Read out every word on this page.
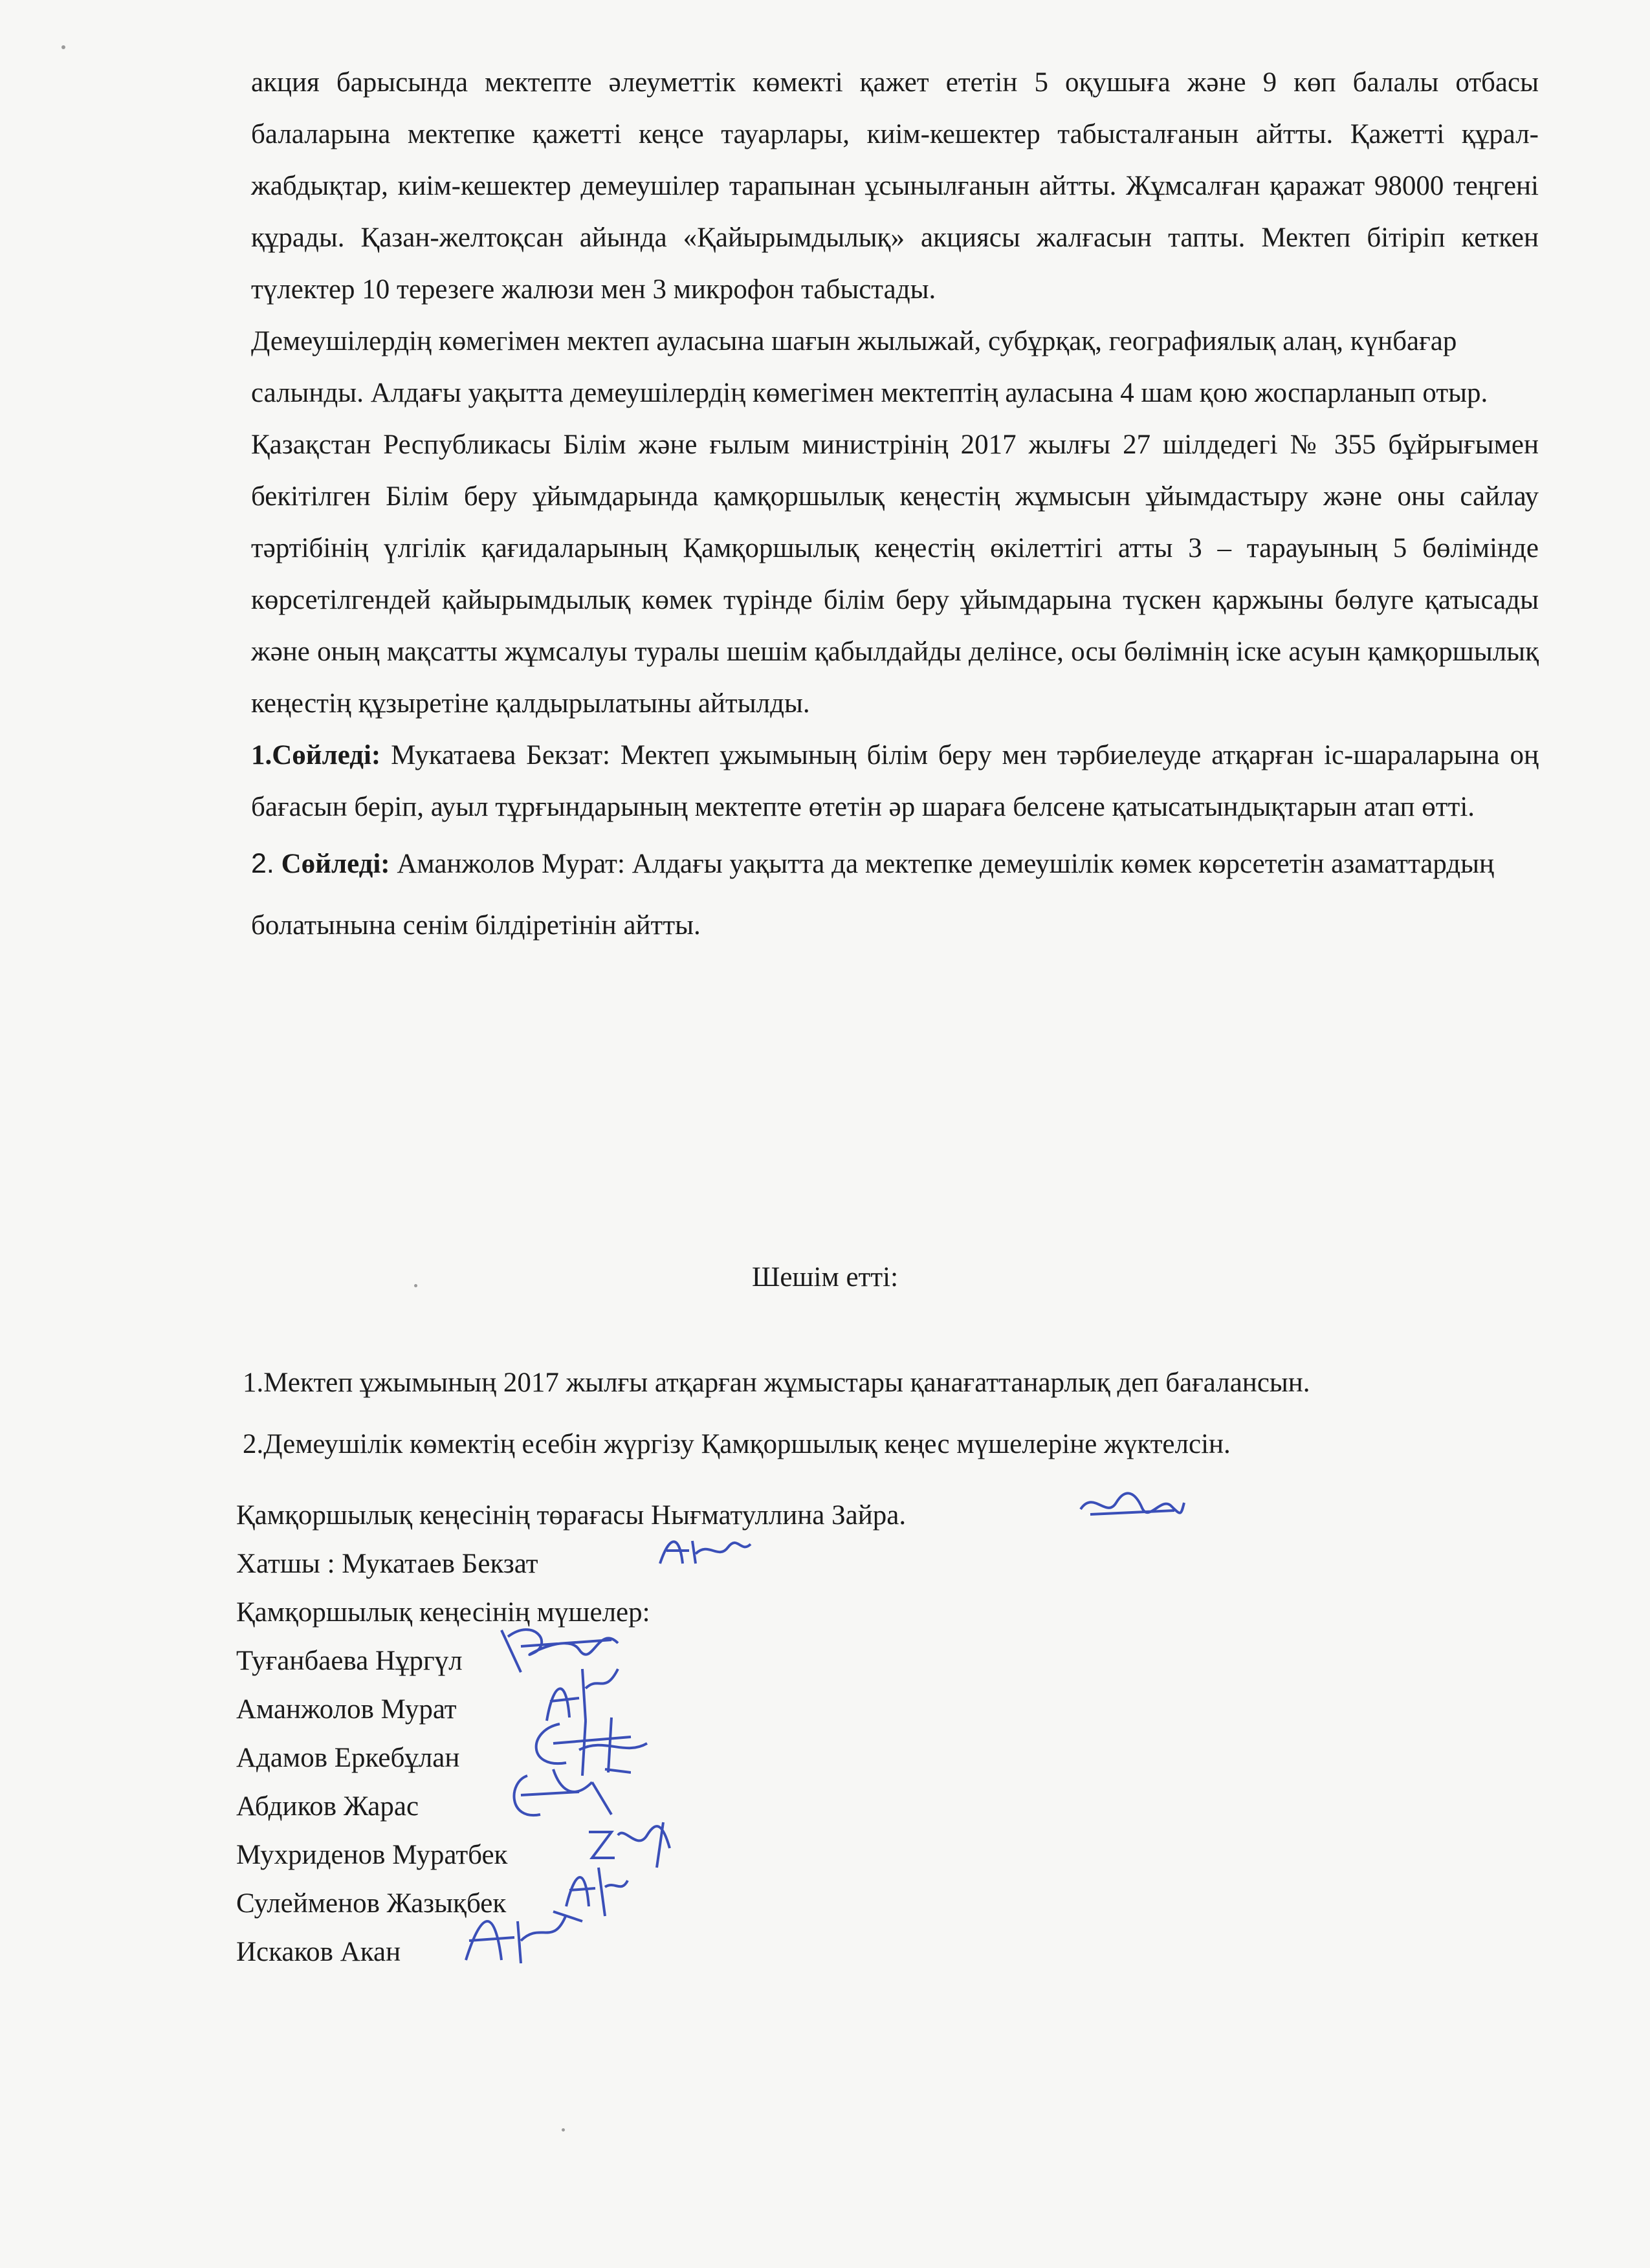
акция барысында мектепте әлеуметтік көмекті қажет ететін 5 оқушыға және 9 көп балалы отбасы балаларына мектепке қажетті кеңсе тауарлары, киім-кешектер табысталғанын айтты. Қажетті құрал-жабдықтар, киім-кешектер демеушілер тарапынан ұсынылғанын айтты. Жұмсалған қаражат 98000 теңгені құрады. Қазан-желтоқсан айында «Қайырымдылық» акциясы жалғасын тапты. Мектеп бітіріп кеткен түлектер 10 терезеге жалюзи мен 3 микрофон табыстады.

Демеушілердің көмегімен мектеп ауласына шағын жылыжай, субұрқақ, географиялық алаң, күнбағар салынды. Алдағы уақытта демеушілердің көмегімен мектептің ауласына 4 шам қою жоспарланып отыр.

Қазақстан Республикасы Білім және ғылым министрінің 2017 жылғы 27 шілдедегі № 355 бұйрығымен бекітілген Білім беру ұйымдарында қамқоршылық кеңестің жұмысын ұйымдастыру және оны сайлау тәртібінің үлгілік қағидаларының Қамқоршылық кеңестің өкілеттігі атты 3 – тарауының 5 бөлімінде көрсетілгендей қайырымдылық көмек түрінде білім беру ұйымдарына түскен қаржыны бөлуге қатысады және оның мақсатты жұмсалуы туралы шешім қабылдайды делінсе, осы бөлімнің іске асуын қамқоршылық кеңестің құзыретіне қалдырылатыны айтылды.

1.Сөйледі: Мукатаева Бекзат: Мектеп ұжымының білім беру мен тәрбиелеуде атқарған іс-шараларына оң бағасын беріп, ауыл тұрғындарының мектепте өтетін әр шараға белсене қатысатындықтарын атап өтті.

2. Сөйледі: Аманжолов Мурат: Алдағы уақытта да мектепке демеушілік көмек көрсететін азаматтардың болатынына сенім білдіретінін айтты.

Шешім етті:
1.Мектеп ұжымының 2017 жылғы атқарған жұмыстары қанағаттанарлық деп бағалансын.
2.Демеушілік көмектің есебін жүргізу Қамқоршылық кеңес мүшелеріне жүктелсін.
Қамқоршылық кеңесінің төрағасы Нығматуллина Зайра.
Хатшы : Мукатаев Бекзат
Қамқоршылық кеңесінің мүшелер:
Туғанбаева Нұргүл
Аманжолов Мурат
Адамов Еркебұлан
Абдиков Жарас
Мухриденов Муратбек
Сулейменов Жазықбек
Искаков Акан
